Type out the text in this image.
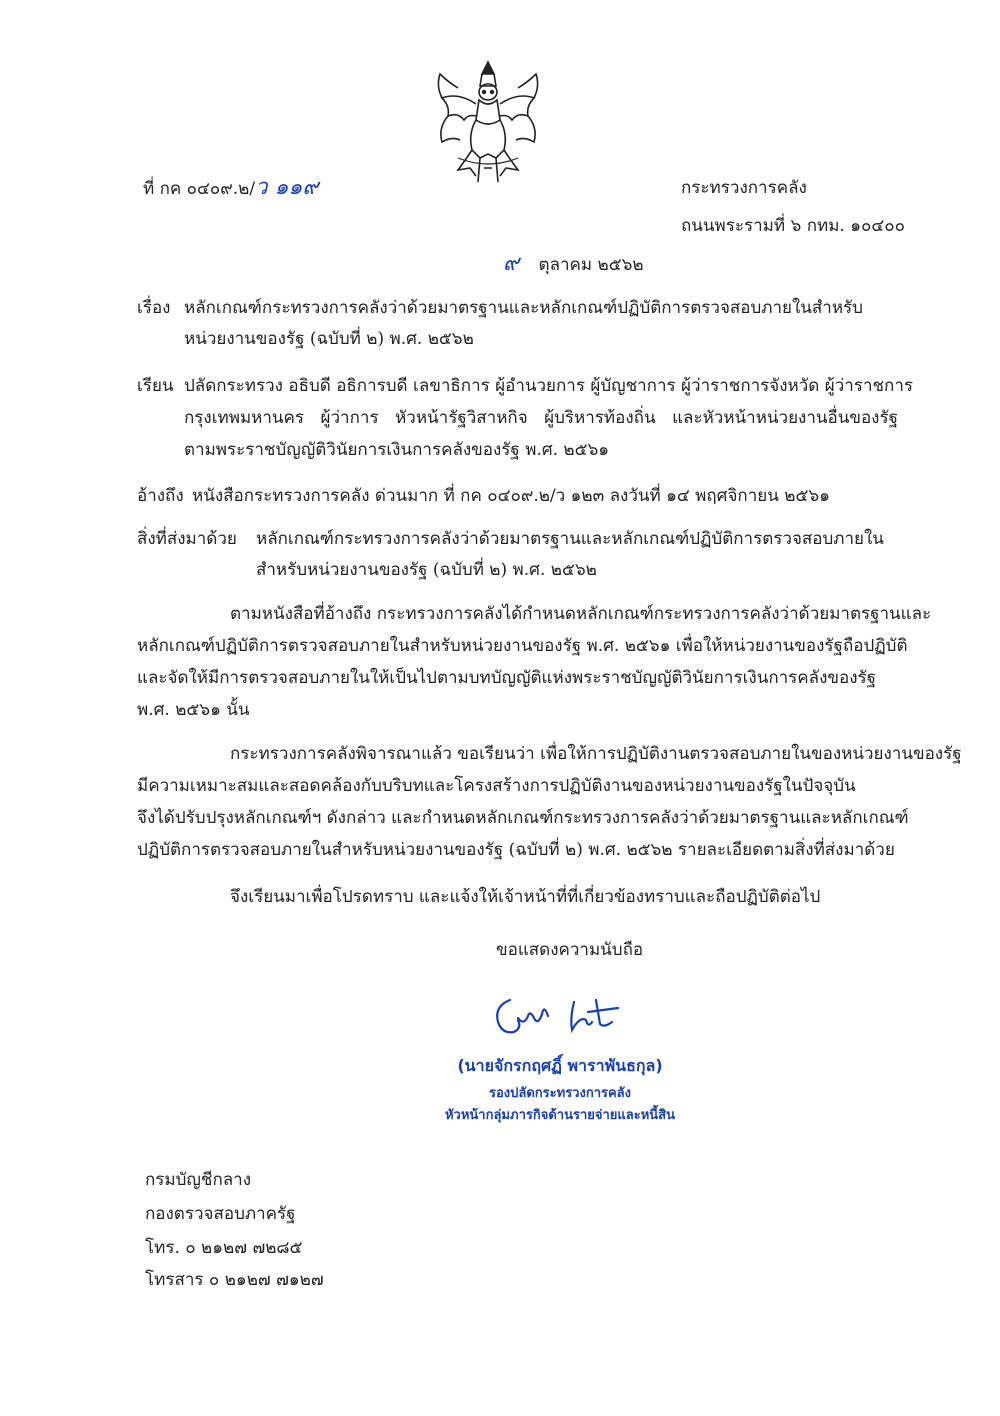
ที่ กค ๐๔๐๙.๒/ว ๑๑๙	กระทรวงการคลัง
ถนนพระรามที่ ๖ กทม. ๑๐๔๐๐
๙ ตุลาคม ๒๕๖๒
เรื่อง หลักเกณฑ์กระทรวงการคลังว่าด้วยมาตรฐานและหลักเกณฑ์ปฏิบัติการตรวจสอบภายในสำหรับ
หน่วยงานของรัฐ (ฉบับที่ ๒) พ.ศ. ๒๕๖๒
เรียน ปลัดกระทรวง อธิบดี อธิการบดี เลขาธิการ ผู้อำนวยการ ผู้บัญชาการ ผู้ว่าราชการจังหวัด ผู้ว่าราชการ
กรุงเทพมหานคร ผู้ว่าการ หัวหน้ารัฐวิสาหกิจ ผู้บริหารท้องถิ่น และหัวหน้าหน่วยงานอื่นของรัฐ
ตามพระราชบัญญัติวินัยการเงินการคลังของรัฐ พ.ศ. ๒๕๖๑
อ้างถึง หนังสือกระทรวงการคลัง ด่วนมาก ที่ กค ๐๔๐๙.๒/ว ๑๒๓ ลงวันที่ ๑๔ พฤศจิกายน ๒๕๖๑
สิ่งที่ส่งมาด้วย หลักเกณฑ์กระทรวงการคลังว่าด้วยมาตรฐานและหลักเกณฑ์ปฏิบัติการตรวจสอบภายใน
สำหรับหน่วยงานของรัฐ (ฉบับที่ ๒) พ.ศ. ๒๕๖๒
ตามหนังสือที่อ้างถึง กระทรวงการคลังได้กำหนดหลักเกณฑ์กระทรวงการคลังว่าด้วยมาตรฐานและ
หลักเกณฑ์ปฏิบัติการตรวจสอบภายในสำหรับหน่วยงานของรัฐ พ.ศ. ๒๕๖๑ เพื่อให้หน่วยงานของรัฐถือปฏิบัติ
และจัดให้มีการตรวจสอบภายในให้เป็นไปตามบทบัญญัติแห่งพระราชบัญญัติวินัยการเงินการคลังของรัฐ
พ.ศ. ๒๕๖๑ นั้น
กระทรวงการคลังพิจารณาแล้ว ขอเรียนว่า เพื่อให้การปฏิบัติงานตรวจสอบภายในของหน่วยงานของรัฐ
มีความเหมาะสมและสอดคล้องกับบริบทและโครงสร้างการปฏิบัติงานของหน่วยงานของรัฐในปัจจุบัน
จึงได้ปรับปรุงหลักเกณฑ์ฯ ดังกล่าว และกำหนดหลักเกณฑ์กระทรวงการคลังว่าด้วยมาตรฐานและหลักเกณฑ์
ปฏิบัติการตรวจสอบภายในสำหรับหน่วยงานของรัฐ (ฉบับที่ ๒) พ.ศ. ๒๕๖๒ รายละเอียดตามสิ่งที่ส่งมาด้วย
จึงเรียนมาเพื่อโปรดทราบ และแจ้งให้เจ้าหน้าที่ที่เกี่ยวข้องทราบและถือปฏิบัติต่อไป
ขอแสดงความนับถือ
(นายจักรกฤศฏิ์ พาราพันธกุล)
รองปลัดกระทรวงการคลัง
หัวหน้ากลุ่มภารกิจด้านรายจ่ายและหนี้สิน
กรมบัญชีกลาง
กองตรวจสอบภาครัฐ
โทร. ๐ ๒๑๒๗ ๗๒๘๕
โทรสาร ๐ ๒๑๒๗ ๗๑๒๗
